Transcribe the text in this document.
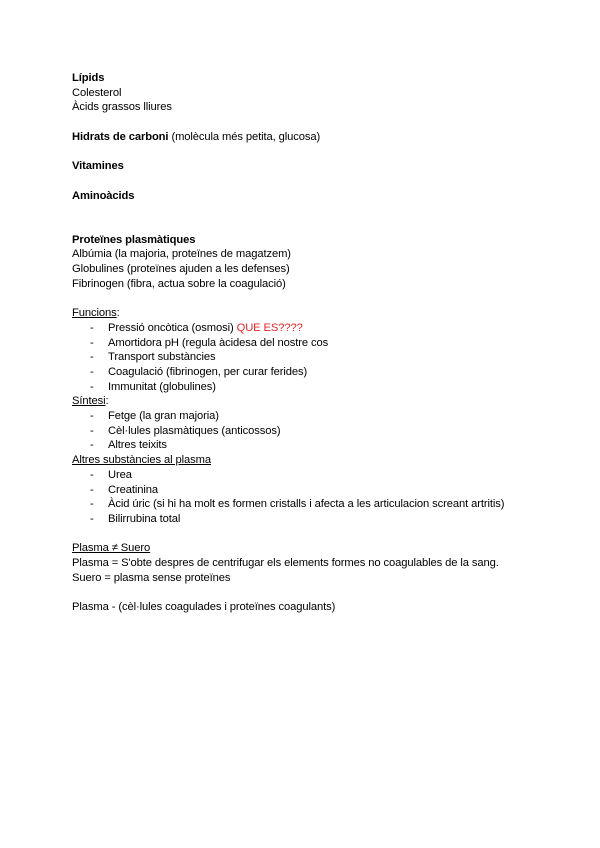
Lípids
Colesterol
Àcids grassos lliures
Hidrats de carboni (molècula més petita, glucosa)
Vitamines
Aminoàcids
Proteïnes plasmàtiques
Albúmia (la majoria, proteïnes de magatzem)
Globulines (proteïnes ajuden a les defenses)
Fibrinogen (fibra, actua sobre la coagulació)
Funcions:
- Pressió oncòtica (osmosi) QUE ES????
- Amortidora pH (regula àcidesa del nostre cos
- Transport substàncies
- Coagulació (fibrinogen, per curar ferides)
- Immunitat (globulines)
Síntesi:
- Fetge (la gran majoria)
- Cèl·lules plasmàtiques (anticossos)
- Altres teixits
Altres substàncies al plasma
- Urea
- Creatinina
- Àcid úric (si hi ha molt es formen cristalls i afecta a les articulacion screant artritis)
- Bilirrubina total
Plasma ≠ Suero
Plasma = S'obte despres de centrifugar els elements formes no coagulables de la sang.
Suero = plasma sense proteïnes
Plasma - (cèl·lules coagulades i proteïnes coagulants)
